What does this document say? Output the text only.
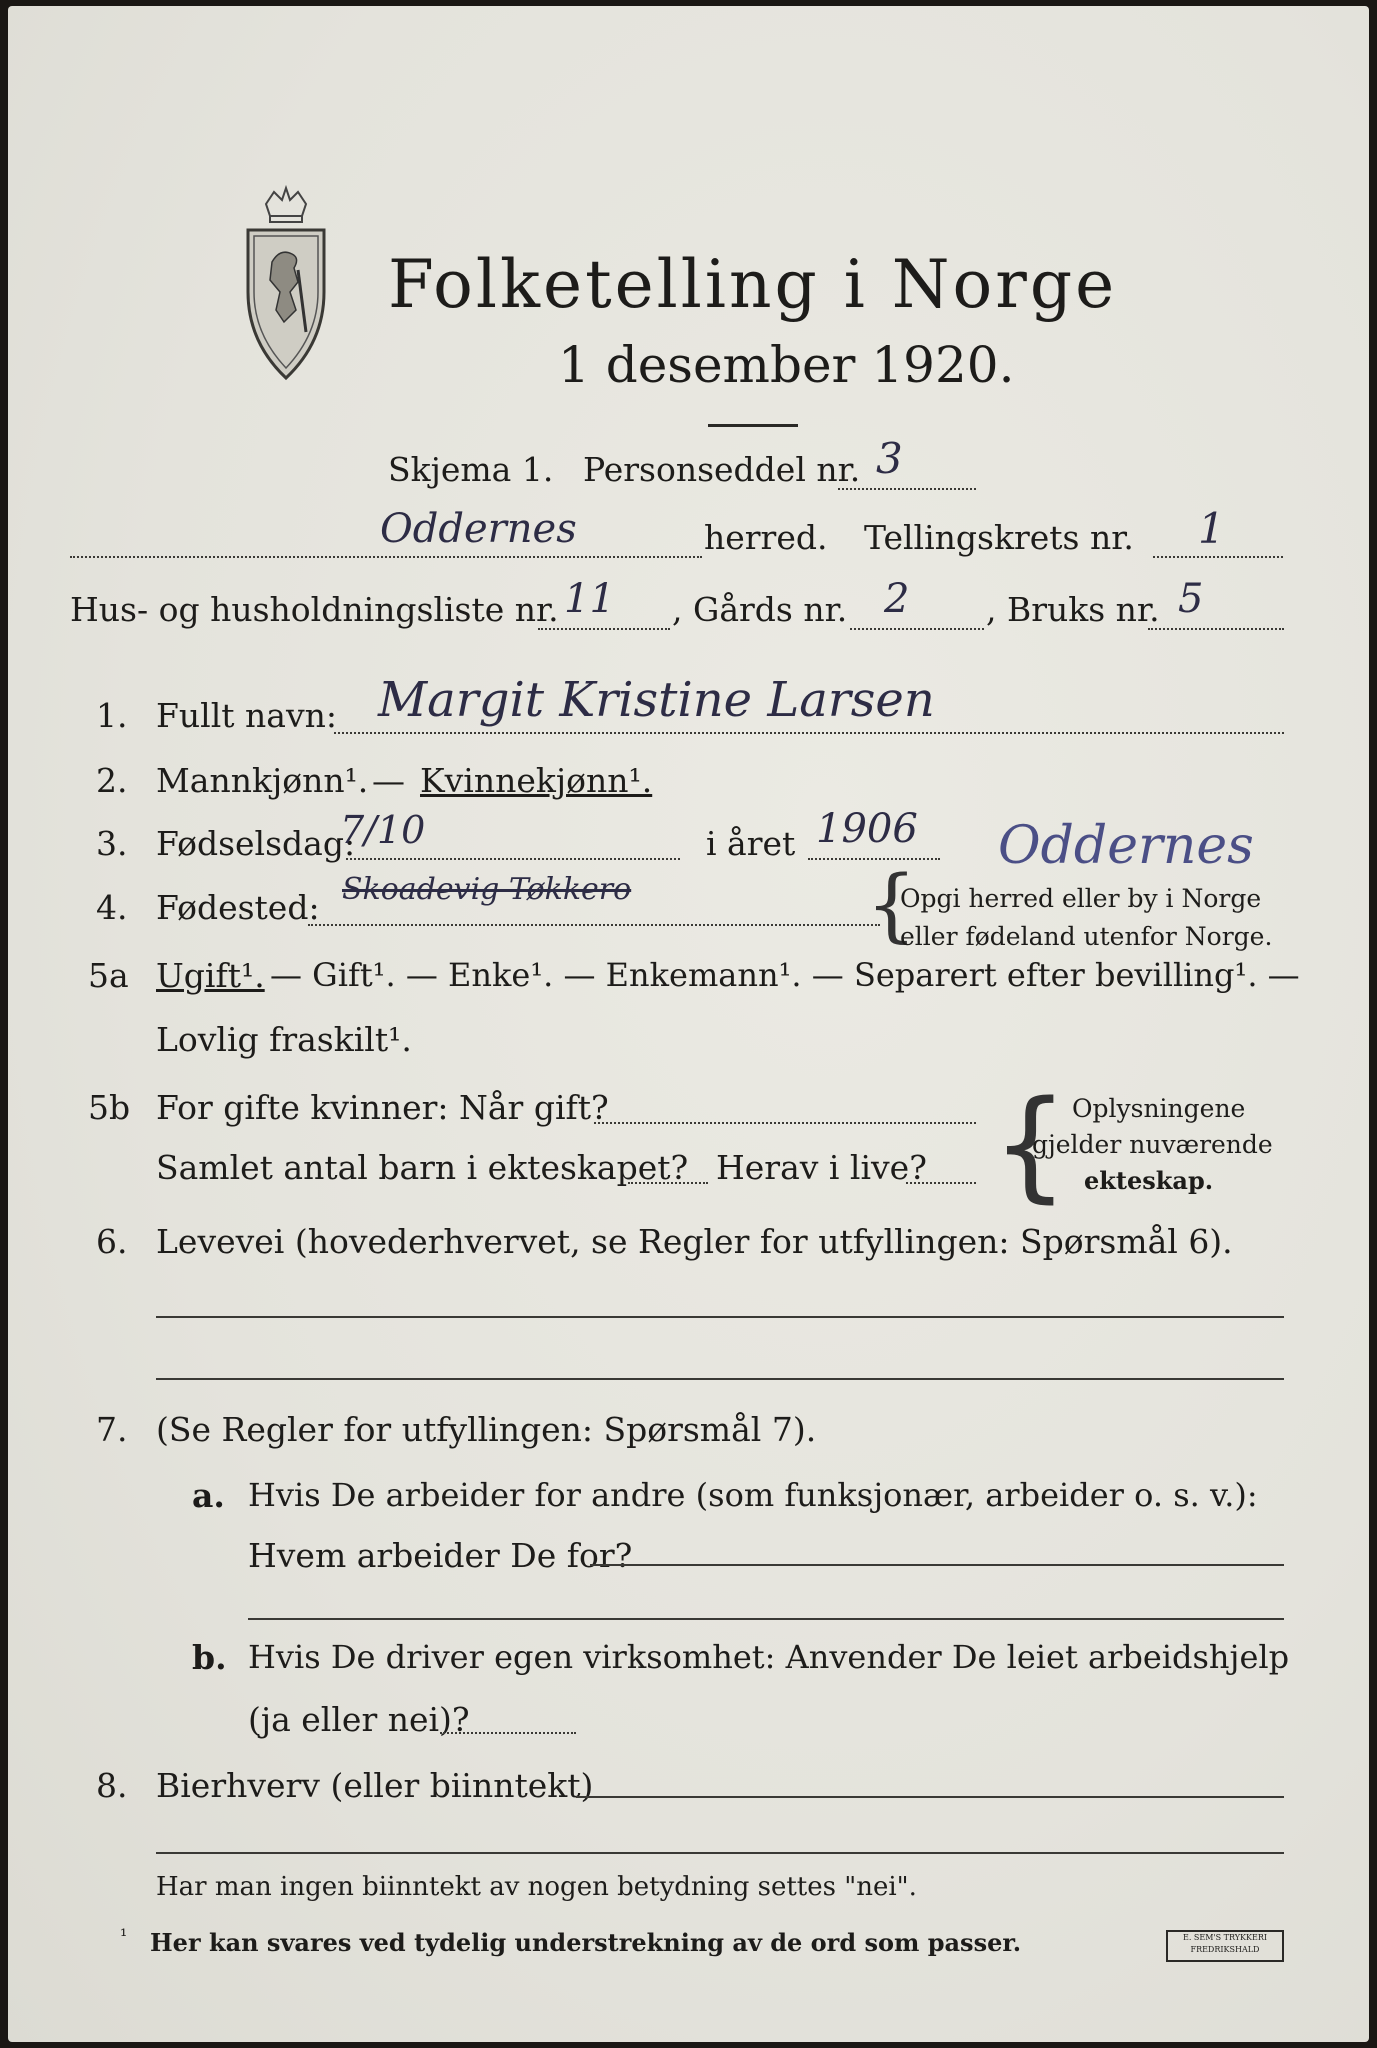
Folketelling i Norge
1 desember 1920.
Skjema 1. Personseddel nr. 3
Oddernes	herred. Tellingskrets nr. 1
Hus- og husholdningsliste nr. 11 , Gårds nr. 2 , Bruks nr. 5
1. Fullt navn: Margit Kristine Larsen
2. Mannkjønn¹. — Kvinnekjønn¹.
3. Fødselsdag:
7/10	i året 1906
4. Fødested: Skoadevig Tøkkero
Oddernes
{
Opgi herred eller by i Norge
eller fødeland utenfor Norge.
5a Ugift¹. — Gift¹. — Enke¹. — Enkemann¹. — Separert efter bevilling¹. —
Lovlig fraskilt¹.
5b For gifte kvinner: Når gift?
Samlet antal barn i ekteskapet? Herav i live? { Oplysningene
gjelder nuværende
ekteskap.
6. Levevei (hovederhvervet, se Regler for utfyllingen: Spørsmål 6).
7. (Se Regler for utfyllingen: Spørsmål 7).
a. Hvis De arbeider for andre (som funksjonær, arbeider o. s. v.):
Hvem arbeider De for?
b. Hvis De driver egen virksomhet: Anvender De leiet arbeidshjelp
(ja eller nei)?
8. Bierhverv (eller biinntekt)
Har man ingen biinntekt av nogen betydning settes "nei".
¹ Her kan svares ved tydelig understrekning av de ord som passer.	E. SEM'S TRYKKERI
FREDRIKSHALD
